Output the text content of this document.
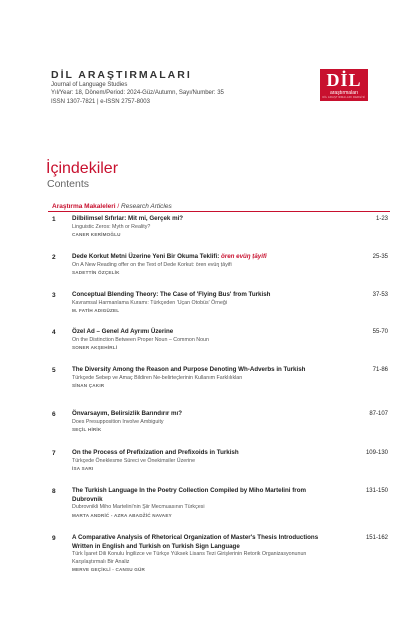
DİL ARAŞTIRMALARI
Journal of Language Studies
Yıl/Year: 18, Dönem/Period: 2024-Güz/Autumn, Sayı/Number: 35
ISSN 1307-7821 | e-ISSN 2757-8003
DİL
araştırmaları
DİL ARAŞTIRMALARI DERGİSİ
İçindekiler
Contents
Araştırma Makaleleri / Research Articles
1	Dilbilimsel Sıfırlar: Mit mi, Gerçek mi?
Linguistic Zeros: Myth or Reality?
CANER KERİMOĞLU
1-23
2	Dede Korkut Metni Üzerine Yeni Bir Okuma Teklifi: ören evüŋ ṭāyifi
On A New Reading offer on the Text of Dede Korkut: ören evüŋ ṭāyifi
SADETTİN ÖZÇELİK
25-35
3	Conceptual Blending Theory: The Case of 'Flying Bus' from Turkish
Kavramsal Harmanlama Kuramı: Türkçeden 'Uçan Otobüs' Örneği
M. FATİH ADIGÜZEL
37-53
4	Özel Ad – Genel Ad Ayrımı Üzerine
On the Distinction Between Proper Noun – Common Noun
SONER AKŞEHİRLİ
55-70
5	The Diversity Among the Reason and Purpose Denoting Wh-Adverbs in Turkish
Türkçede Sebep ve Amaç Bildiren Ne-belirteçlerinin Kullanım Farklılıkları
SİNAN ÇAKIR
71-86
6	Önvarsayım, Belirsizlik Barındırır mı?
Does Presupposition Involve Ambiguity
SEÇİL HİRİK
87-107
7	On the Process of Prefixization and Prefixoids in Turkish
Türkçede Öneklesme Süreci ve Önekimsiler Üzerine
İSA SARI
109-130
8	The Turkish Language In the Poetry Collection Compiled by Miho Martelini from Dubrovnik
Dubrovnikli Miho Martelini'nin Şiir Mecmuasının Türkçesi
MARTA ANDRİĆ - AZRA ABADŽİĆ NAVAEY
131-150
9	A Comparative Analysis of Rhetorical Organization of Master's Thesis Introductions Written in English and Turkish on Turkish Sign Language
Türk İşaret Dili Konulu İngilizce ve Türkçe Yüksek Lisans Tezi Girişlerinin Retorik Organizasyonunun Karşılaştırmalı Bir Analiz
MERVE GEÇİKLİ - CANSU GÜR
151-162
